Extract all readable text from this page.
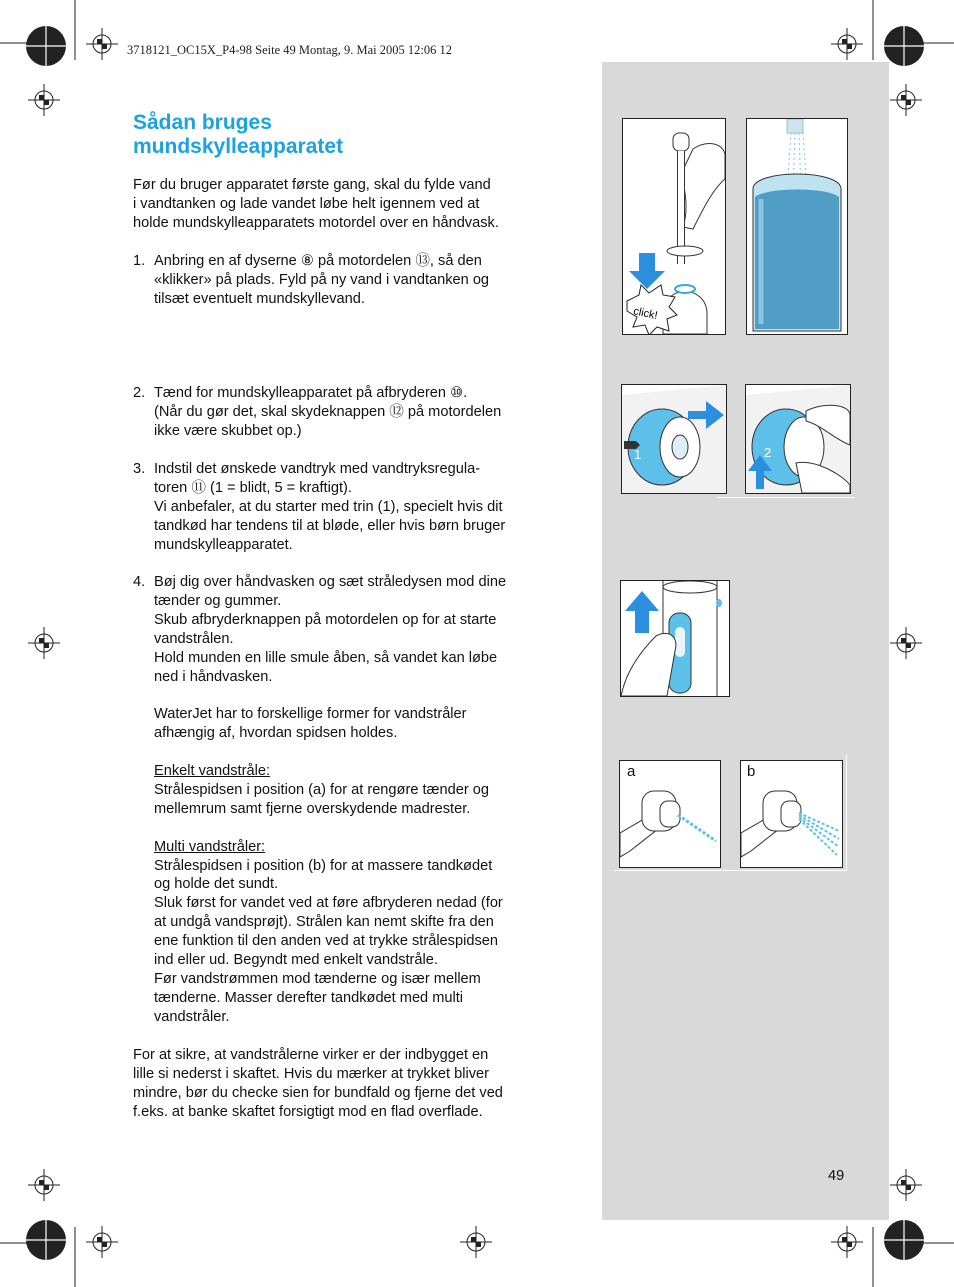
3718121_OC15X_P4-98 Seite 49 Montag, 9. Mai 2005 12:06 12
Sådan bruges
mundskylleapparatet
Før du bruger apparatet første gang, skal du fylde vand
i vandtanken og lade vandet løbe helt igennem ved at
holde mundskylleapparatets motordel over en håndvask.
1. Anbring en af dyserne ⑧ på motordelen ⑬, så den
«klikker» på plads. Fyld på ny vand i vandtanken og
tilsæt eventuelt mundskyllevand.
2. Tænd for mundskylleapparatet på afbryderen ⑩.
(Når du gør det, skal skydeknappen ⑫ på motordelen
ikke være skubbet op.)
3. Indstil det ønskede vandtryk med vandtryksregula-
toren ⑪ (1 = blidt, 5 = kraftigt).
Vi anbefaler, at du starter med trin (1), specielt hvis dit
tandkød har tendens til at bløde, eller hvis børn bruger
mundskylleapparatet.
4. Bøj dig over håndvasken og sæt stråledysen mod dine
tænder og gummer.
Skub afbryderknappen på motordelen op for at starte
vandstrålen.
Hold munden en lille smule åben, så vandet kan løbe
ned i håndvasken.
WaterJet har to forskellige former for vandstråler
afhængig af, hvordan spidsen holdes.
Enkelt vandstråle:
Strålespidsen i position (a) for at rengøre tænder og
mellemrum samt fjerne overskydende madrester.
Multi vandstråler:
Strålespidsen i position (b) for at massere tandkødet
og holde det sundt.
Sluk først for vandet ved at føre afbryderen nedad (for
at undgå vandsprøjt). Strålen kan nemt skifte fra den
ene funktion til den anden ved at trykke strålespidsen
ind eller ud. Begyndt med enkelt vandstråle.
Før vandstrømmen mod tænderne og især mellem
tænderne. Masser derefter tandkødet med multi
vandstråler.
For at sikre, at vandstrålerne virker er der indbygget en
lille si nederst i skaftet. Hvis du mærker at trykket bliver
mindre, bør du checke sien for bundfald og fjerne det ved
f.eks. at banke skaftet forsigtigt mod en flad overflade.
click!
1	2
a	b
49
